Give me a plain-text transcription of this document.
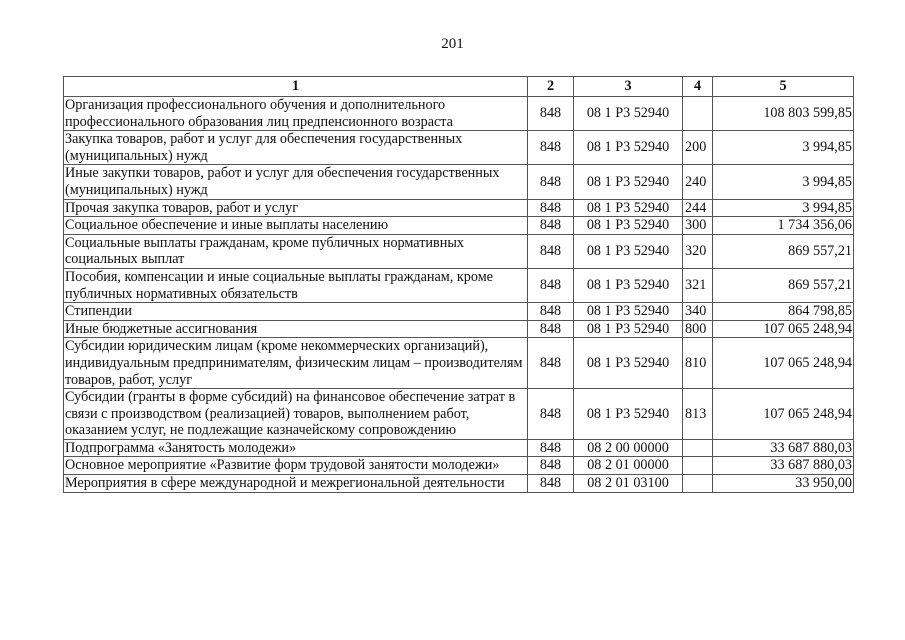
201
1	2	3	4	5
Организация профессионального обучения и дополнительного профессионального образования лиц предпенсионного возраста	848	08 1 P3 52940		108 803 599,85
Закупка товаров, работ и услуг для обеспечения государственных (муниципальных) нужд	848	08 1 P3 52940	200	3 994,85
Иные закупки товаров, работ и услуг для обеспечения государственных (муниципальных) нужд	848	08 1 P3 52940	240	3 994,85
Прочая закупка товаров, работ и услуг	848	08 1 P3 52940	244	3 994,85
Социальное обеспечение и иные выплаты населению	848	08 1 P3 52940	300	1 734 356,06
Социальные выплаты гражданам, кроме публичных нормативных социальных выплат	848	08 1 P3 52940	320	869 557,21
Пособия, компенсации и иные социальные выплаты гражданам, кроме публичных нормативных обязательств	848	08 1 P3 52940	321	869 557,21
Стипендии	848	08 1 P3 52940	340	864 798,85
Иные бюджетные ассигнования	848	08 1 P3 52940	800	107 065 248,94
Субсидии юридическим лицам (кроме некоммерческих организаций), индивидуальным предпринимателям, физическим лицам – производителям товаров, работ, услуг	848	08 1 P3 52940	810	107 065 248,94
Субсидии (гранты в форме субсидий) на финансовое обеспечение затрат в связи с производством (реализацией) товаров, выполнением работ, оказанием услуг, не подлежащие казначейскому сопровождению	848	08 1 P3 52940	813	107 065 248,94
Подпрограмма «Занятость молодежи»	848	08 2 00 00000		33 687 880,03
Основное мероприятие «Развитие форм трудовой занятости молодежи»	848	08 2 01 00000		33 687 880,03
Мероприятия в сфере международной и межрегиональной деятельности	848	08 2 01 03100		33 950,00
